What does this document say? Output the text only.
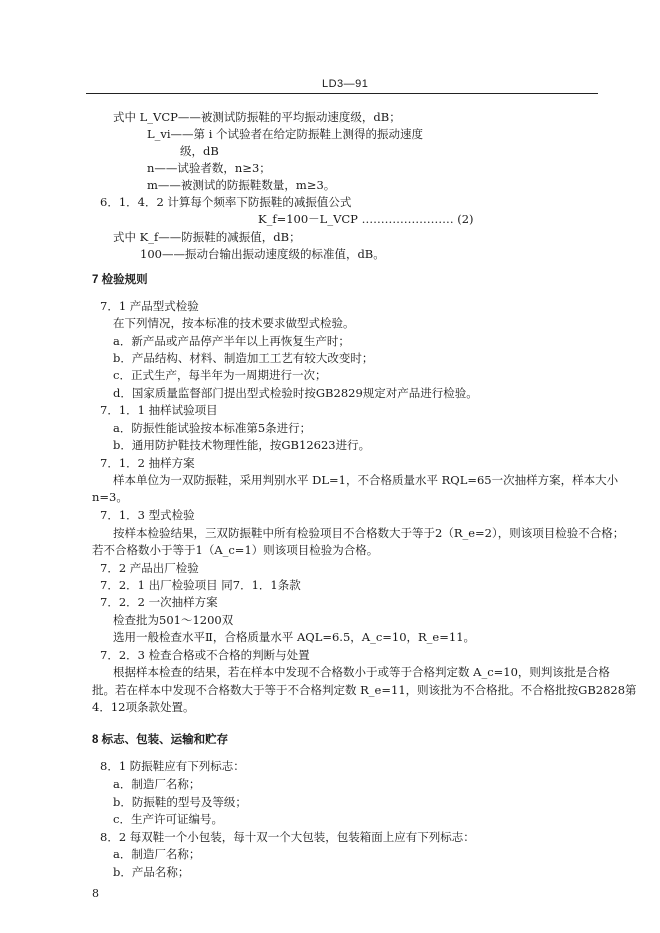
LD3—91
式中 L_VCP——被测试防振鞋的平均振动速度级，dB；
L_vi——第 i 个试验者在给定防振鞋上测得的振动速度
级，dB
n——试验者数，n≥3；
m——被测试的防振鞋数量，m≥3。
6．1．4．2 计算每个频率下防振鞋的减振值公式
K_f=100－L_VCP …………………… (2)
式中 K_f——防振鞋的减振值，dB；
100——振动台输出振动速度级的标准值，dB。
7 检验规则
7．1 产品型式检验
在下列情况，按本标准的技术要求做型式检验。
a．新产品或产品停产半年以上再恢复生产时；
b．产品结构、材料、制造加工工艺有较大改变时；
c．正式生产，每半年为一周期进行一次；
d．国家质量监督部门提出型式检验时按GB2829规定对产品进行检验。
7．1．1 抽样试验项目
a．防振性能试验按本标准第5条进行；
b．通用防护鞋技术物理性能，按GB12623进行。
7．1．2 抽样方案
样本单位为一双防振鞋，采用判别水平 DL=1，不合格质量水平 RQL=65一次抽样方案，样本大小
n=3。
7．1．3 型式检验
按样本检验结果，三双防振鞋中所有检验项目不合格数大于等于2（R_e=2），则该项目检验不合格；
若不合格数小于等于1（A_c=1）则该项目检验为合格。
7．2 产品出厂检验
7．2．1 出厂检验项目 同7．1．1条款
7．2．2 一次抽样方案
检查批为501～1200双
选用一般检查水平Ⅱ，合格质量水平 AQL=6.5，A_c=10，R_e=11。
7．2．3 检查合格或不合格的判断与处置
根据样本检查的结果，若在样本中发现不合格数小于或等于合格判定数 A_c=10，则判该批是合格
批。若在样本中发现不合格数大于等于不合格判定数 R_e=11，则该批为不合格批。不合格批按GB2828第
4．12项条款处置。
8 标志、包装、运输和贮存
8．1 防振鞋应有下列标志：
a．制造厂名称；
b．防振鞋的型号及等级；
c．生产许可证编号。
8．2 每双鞋一个小包装，每十双一个大包装，包装箱面上应有下列标志：
a．制造厂名称；
b．产品名称；
8
